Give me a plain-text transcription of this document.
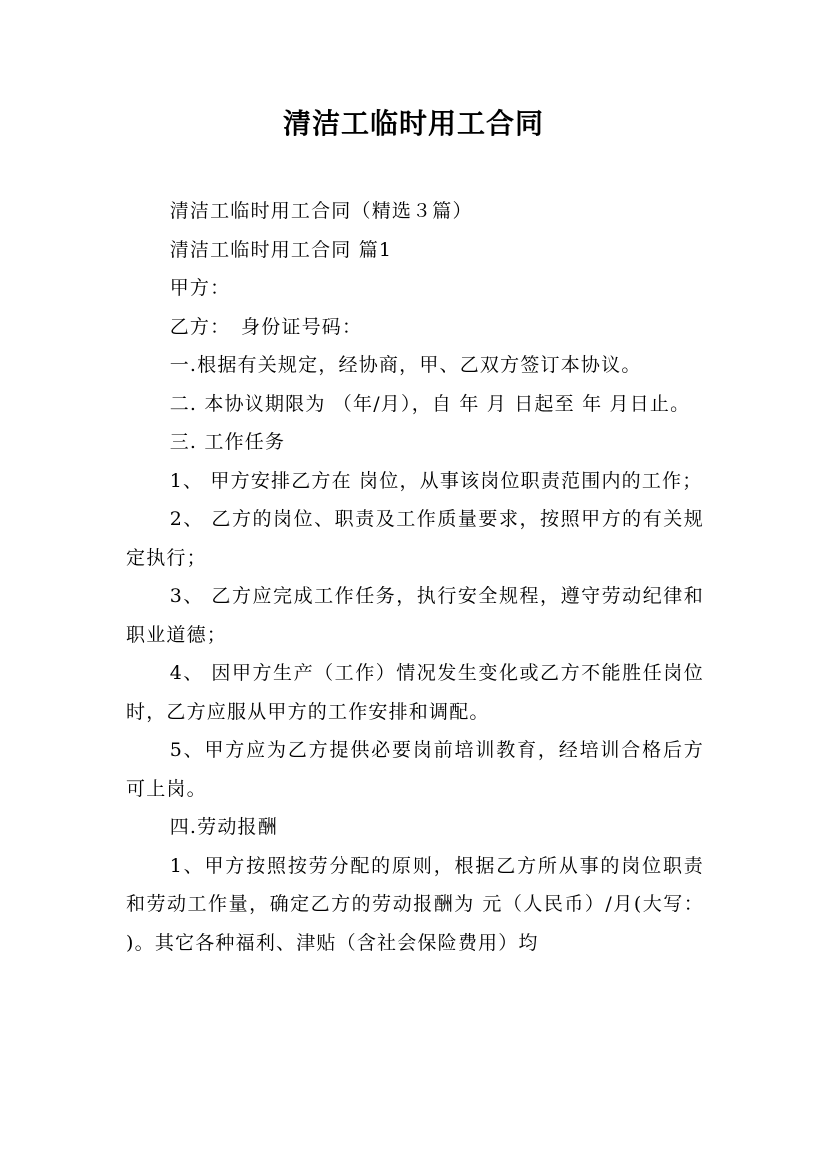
清洁工临时用工合同

清洁工临时用工合同（精选３篇）

清洁工临时用工合同 篇1

甲方：

乙方：　身份证号码：

一.根据有关规定，经协商，甲、乙双方签订本协议。

二. 本协议期限为 （年/月），自 年 月 日起至 年 月日止。

三. 工作任务

1、 甲方安排乙方在 岗位，从事该岗位职责范围内的工作；

2、 乙方的岗位、职责及工作质量要求，按照甲方的有关规定执行；

3、 乙方应完成工作任务，执行安全规程，遵守劳动纪律和职业道德；

4、 因甲方生产（工作）情况发生变化或乙方不能胜任岗位时，乙方应服从甲方的工作安排和调配。

5、甲方应为乙方提供必要岗前培训教育，经培训合格后方可上岗。

四.劳动报酬

1、甲方按照按劳分配的原则，根据乙方所从事的岗位职责和劳动工作量，确定乙方的劳动报酬为 元（人民币）/月(大写： )。其它各种福利、津贴（含社会保险费用）均
